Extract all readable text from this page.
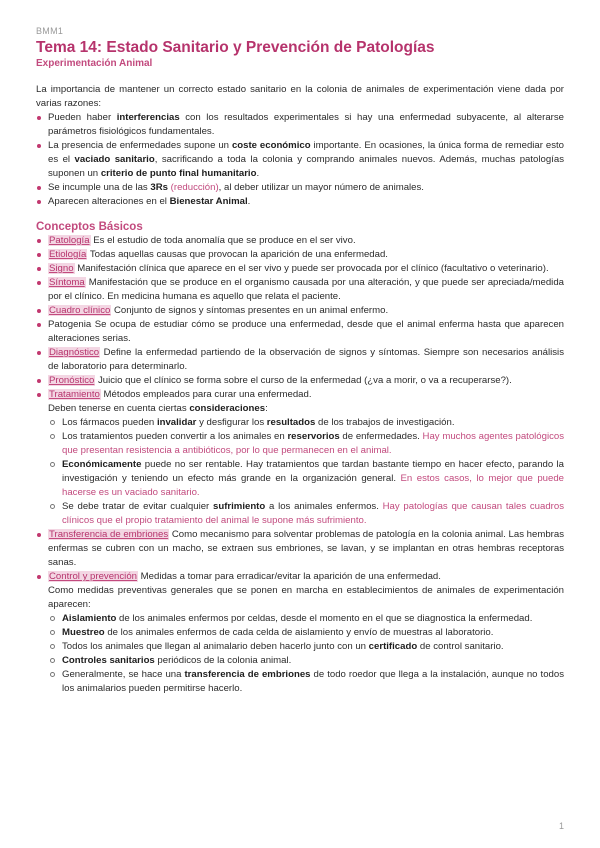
BMM1
Tema 14: Estado Sanitario y Prevención de Patologías
Experimentación Animal

La importancia de mantener un correcto estado sanitario en la colonia de animales de experimentación viene dada por varias razones:

Pueden haber interferencias con los resultados experimentales si hay una enfermedad subyacente, al alterarse parámetros fisiológicos fundamentales.
La presencia de enfermedades supone un coste económico importante. En ocasiones, la única forma de remediar esto es el vaciado sanitario, sacrificando a toda la colonia y comprando animales nuevos. Además, muchas patologías suponen un criterio de punto final humanitario.
Se incumple una de las 3Rs (reducción), al deber utilizar un mayor número de animales.
Aparecen alteraciones en el Bienestar Animal.
Conceptos Básicos
Patología Es el estudio de toda anomalía que se produce en el ser vivo.
Etiología Todas aquellas causas que provocan la aparición de una enfermedad.
Signo Manifestación clínica que aparece en el ser vivo y puede ser provocada por el clínico (facultativo o veterinario).
Síntoma Manifestación que se produce en el organismo causada por una alteración, y que puede ser apreciada/medida por el clínico. En medicina humana es aquello que relata el paciente.
Cuadro clínico Conjunto de signos y síntomas presentes en un animal enfermo.
Patogenia Se ocupa de estudiar cómo se produce una enfermedad, desde que el animal enferma hasta que aparecen alteraciones serias.
Diagnóstico Define la enfermedad partiendo de la observación de signos y síntomas. Siempre son necesarios análisis de laboratorio para determinarlo.
Pronóstico Juicio que el clínico se forma sobre el curso de la enfermedad (¿va a morir, o va a recuperarse?).
Tratamiento Métodos empleados para curar una enfermedad.
Deben tenerse en cuenta ciertas consideraciones:
Los fármacos pueden invalidar y desfigurar los resultados de los trabajos de investigación.
Los tratamientos pueden convertir a los animales en reservorios de enfermedades. Hay muchos agentes patológicos que presentan resistencia a antibióticos, por lo que permanecen en el animal.
Económicamente puede no ser rentable. Hay tratamientos que tardan bastante tiempo en hacer efecto, parando la investigación y teniendo un efecto más grande en la organización general. En estos casos, lo mejor que puede hacerse es un vaciado sanitario.
Se debe tratar de evitar cualquier sufrimiento a los animales enfermos. Hay patologías que causan tales cuadros clínicos que el propio tratamiento del animal le supone más sufrimiento.
Transferencia de embriones Como mecanismo para solventar problemas de patología en la colonia animal. Las hembras enfermas se cubren con un macho, se extraen sus embriones, se lavan, y se implantan en otras hembras receptoras sanas.
Control y prevención Medidas a tomar para erradicar/evitar la aparición de una enfermedad.
Como medidas preventivas generales que se ponen en marcha en establecimientos de animales de experimentación aparecen:
Aislamiento de los animales enfermos por celdas, desde el momento en el que se diagnostica la enfermedad.
Muestreo de los animales enfermos de cada celda de aislamiento y envío de muestras al laboratorio.
Todos los animales que llegan al animalario deben hacerlo junto con un certificado de control sanitario.
Controles sanitarios periódicos de la colonia animal.
Generalmente, se hace una transferencia de embriones de todo roedor que llega a la instalación, aunque no todos los animalarios pueden permitirse hacerlo.
1
